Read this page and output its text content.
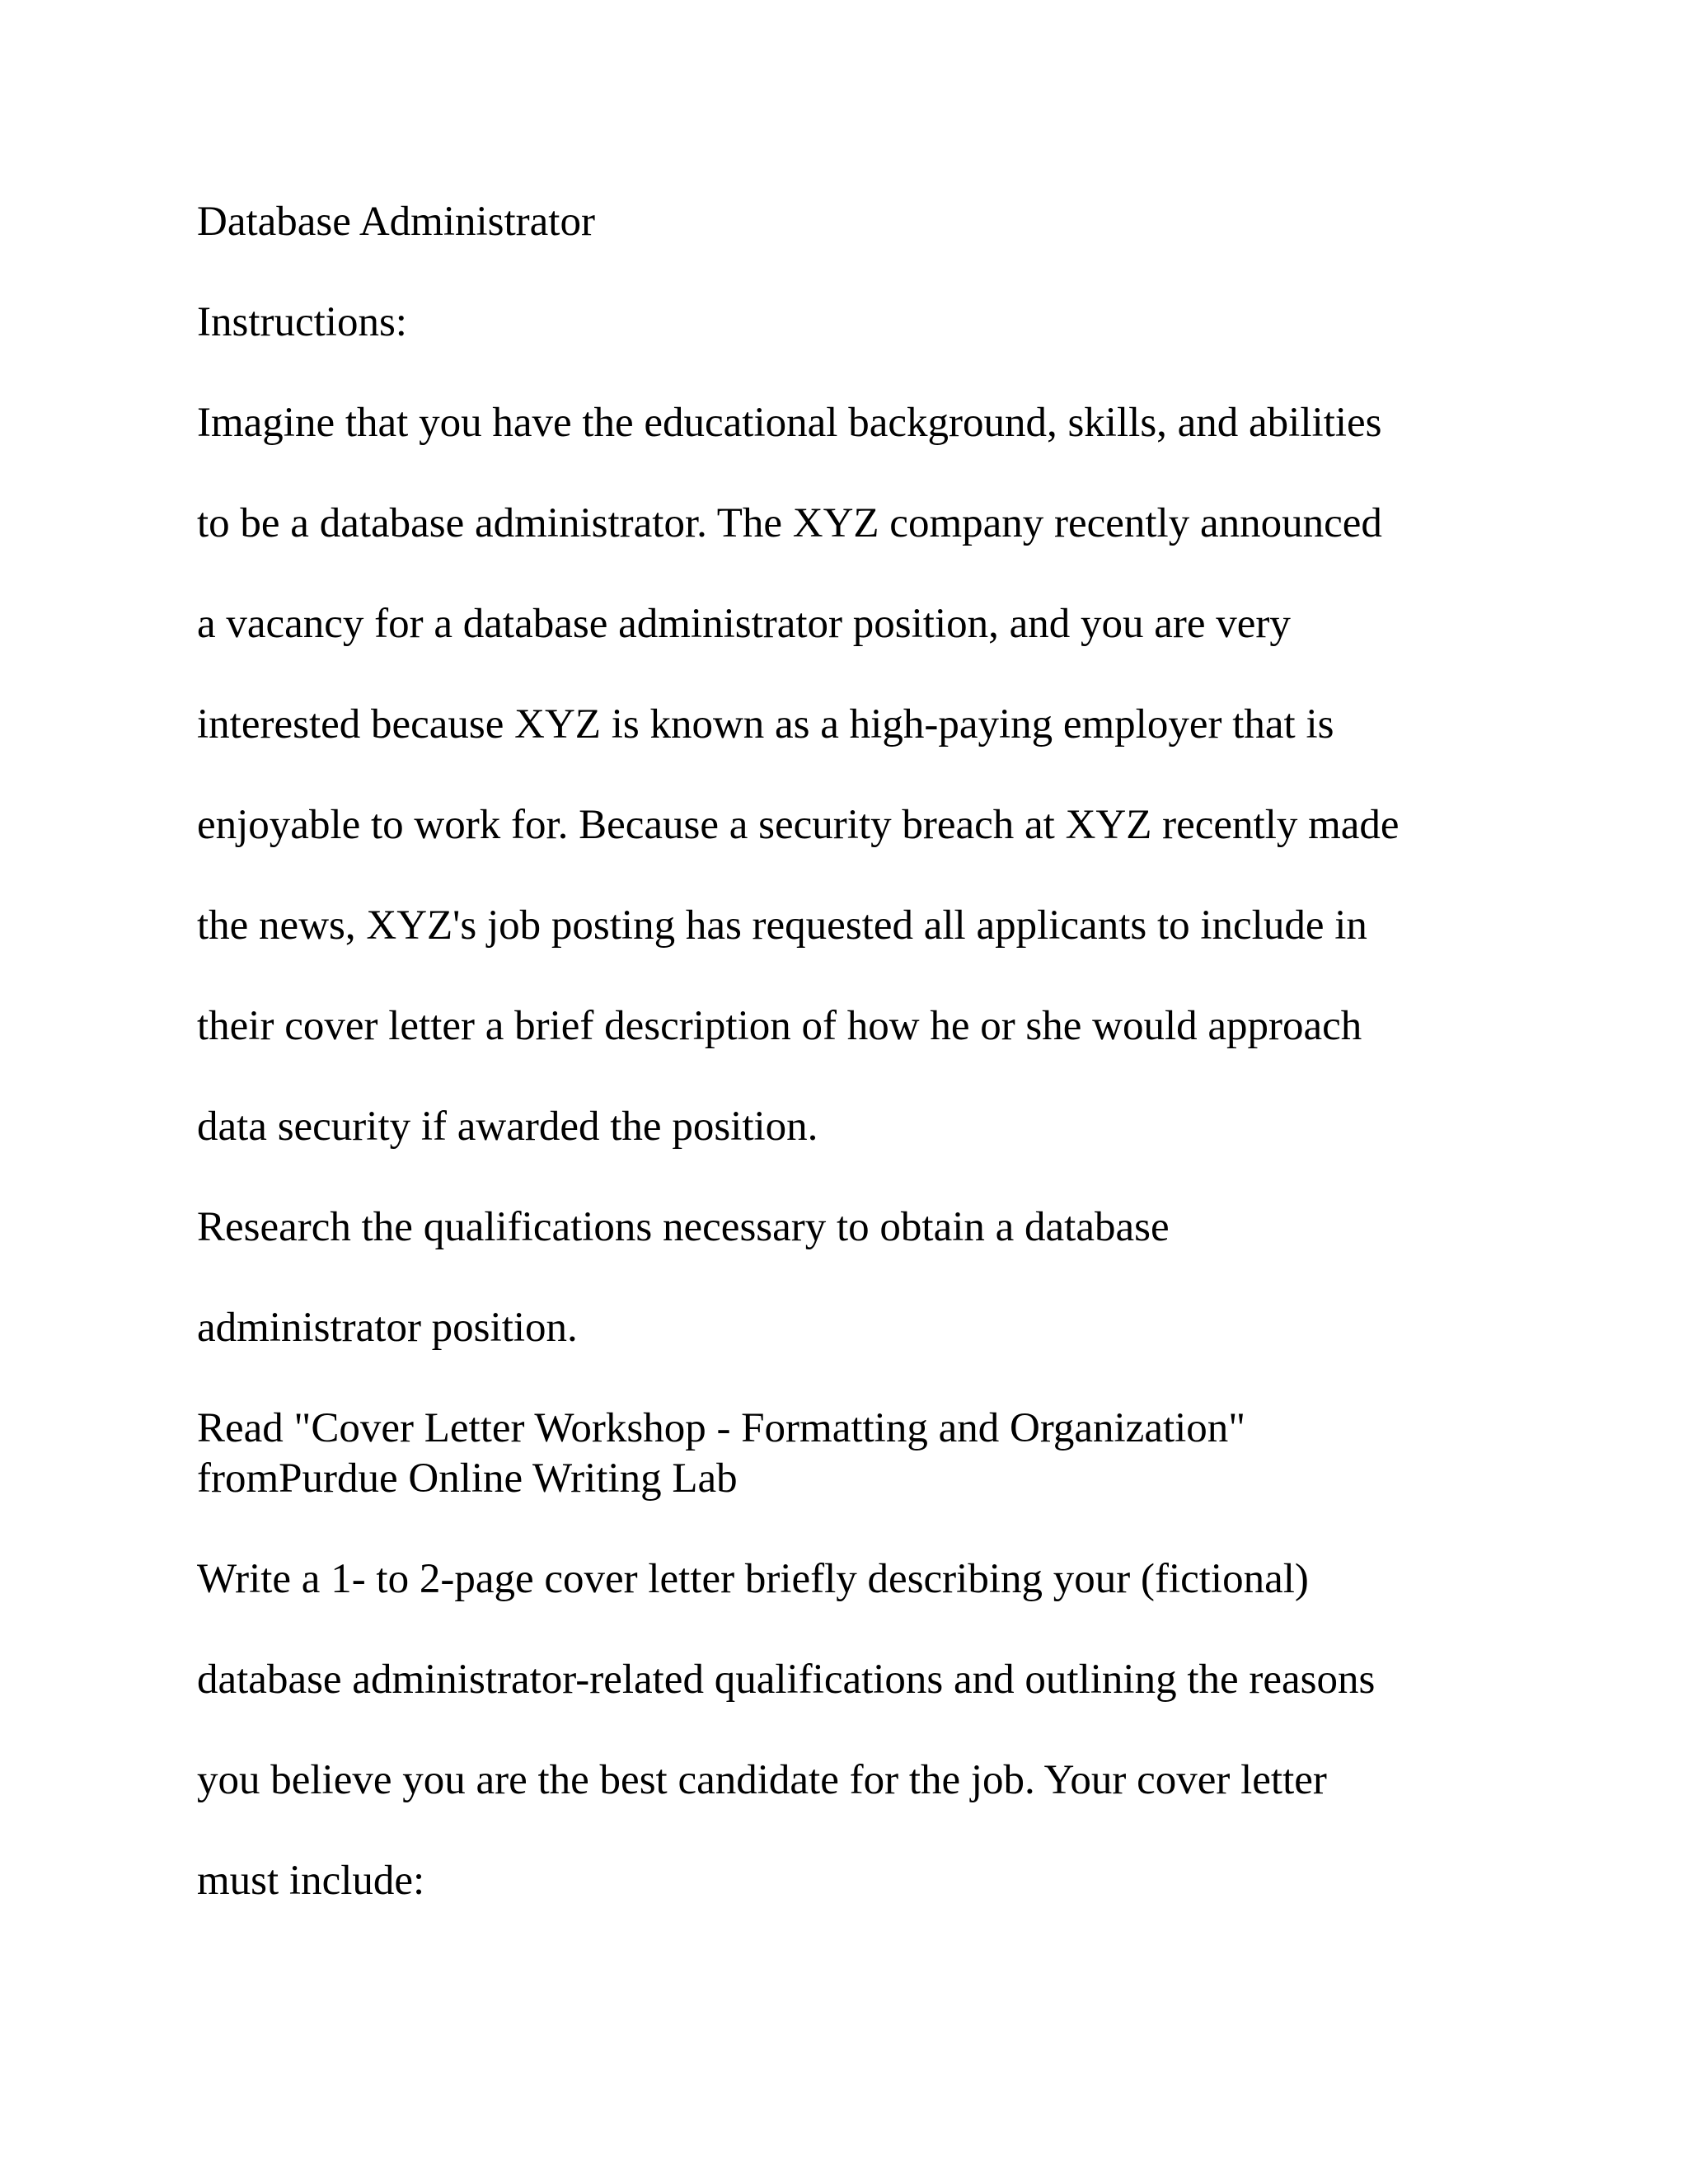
Database Administrator
Instructions:
Imagine that you have the educational background, skills, and abilities
to be a database administrator. The XYZ company recently announced
a vacancy for a database administrator position, and you are very
interested because XYZ is known as a high-paying employer that is
enjoyable to work for. Because a security breach at XYZ recently made
the news, XYZ's job posting has requested all applicants to include in
their cover letter a brief description of how he or she would approach
data security if awarded the position.
Research the qualifications necessary to obtain a database
administrator position.
Read "Cover Letter Workshop - Formatting and Organization"
fromPurdue Online Writing Lab
Write a 1- to 2-page cover letter briefly describing your (fictional)
database administrator-related qualifications and outlining the reasons
you believe you are the best candidate for the job. Your cover letter
must include:
